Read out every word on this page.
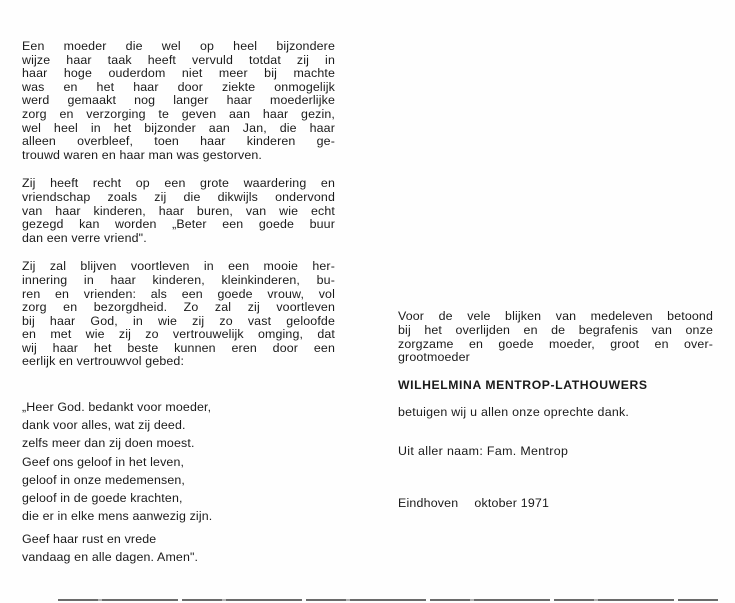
Een moeder die wel op heel bijzondere
wijze haar taak heeft vervuld totdat zij in
haar hoge ouderdom niet meer bij machte
was en het haar door ziekte onmogelijk
werd gemaakt nog langer haar moederlijke
zorg en verzorging te geven aan haar gezin,
wel heel in het bijzonder aan Jan, die haar
alleen overbleef, toen haar kinderen ge-
trouwd waren en haar man was gestorven.

Zij heeft recht op een grote waardering en
vriendschap zoals zij die dikwijls ondervond
van haar kinderen, haar buren, van wie echt
gezegd kan worden „Beter een goede buur
dan een verre vriend".

Zij zal blijven voortleven in een mooie her-
innering in haar kinderen, kleinkinderen, bu-
ren en vrienden: als een goede vrouw, vol
zorg en bezorgdheid. Zo zal zij voortleven
bij haar God, in wie zij zo vast geloofde
en met wie zij zo vertrouwelijk omging, dat
wij haar het beste kunnen eren door een
eerlijk en vertrouwvol gebed:

„Heer God. bedankt voor moeder,
dank voor alles, wat zij deed.
zelfs meer dan zij doen moest.
Geef ons geloof in het leven,
geloof in onze medemensen,
geloof in de goede krachten,
die er in elke mens aanwezig zijn.
Geef haar rust en vrede
vandaag en alle dagen. Amen".
Voor de vele blijken van medeleven betoond
bij het overlijden en de begrafenis van onze
zorgzame en goede moeder, groot en over-
grootmoeder
WILHELMINA MENTROP-LATHOUWERS
betuigen wij u allen onze oprechte dank.
Uit aller naam: Fam. Mentrop
Eindhoven oktober 1971
